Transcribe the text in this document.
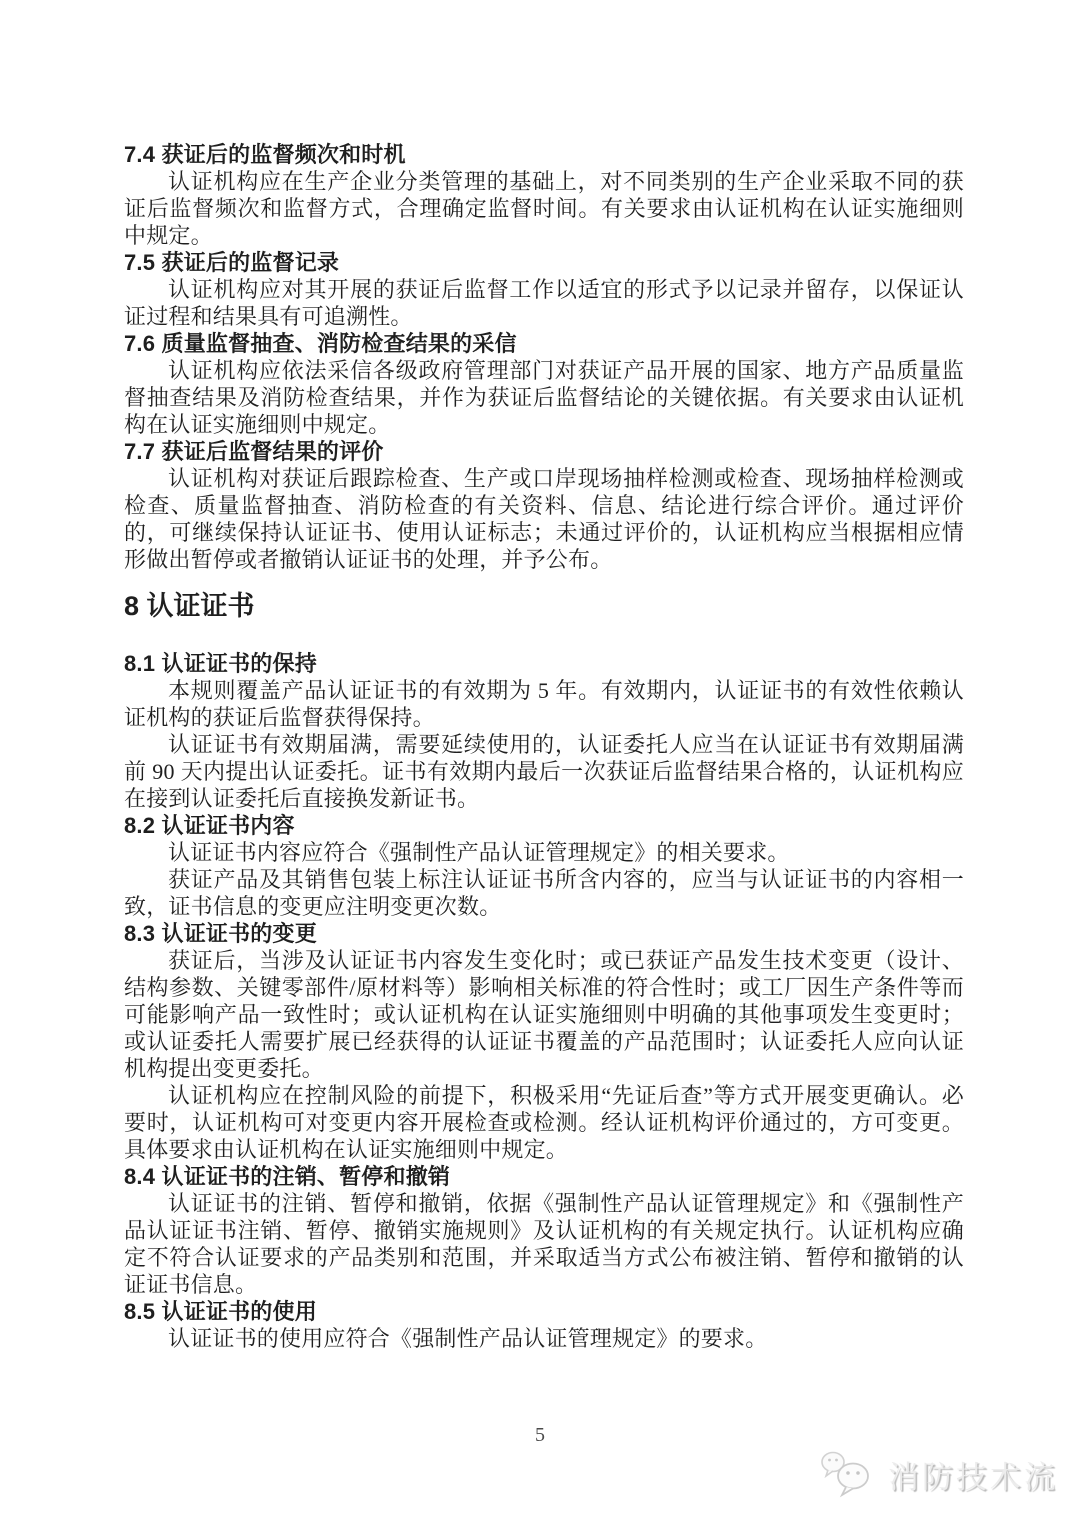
7.4 获证后的监督频次和时机

认证机构应在生产企业分类管理的基础上，对不同类别的生产企业采取不同的获证后监督频次和监督方式，合理确定监督时间。有关要求由认证机构在认证实施细则中规定。

7.5 获证后的监督记录

认证机构应对其开展的获证后监督工作以适宜的形式予以记录并留存，以保证认证过程和结果具有可追溯性。

7.6 质量监督抽查、消防检查结果的采信

认证机构应依法采信各级政府管理部门对获证产品开展的国家、地方产品质量监督抽查结果及消防检查结果，并作为获证后监督结论的关键依据。有关要求由认证机构在认证实施细则中规定。

7.7 获证后监督结果的评价

认证机构对获证后跟踪检查、生产或口岸现场抽样检测或检查、现场抽样检测或检查、质量监督抽查、消防检查的有关资料、信息、结论进行综合评价。通过评价的，可继续保持认证证书、使用认证标志；未通过评价的，认证机构应当根据相应情形做出暂停或者撤销认证证书的处理，并予公布。

8 认证证书
8.1 认证证书的保持

本规则覆盖产品认证证书的有效期为 5 年。有效期内，认证证书的有效性依赖认证机构的获证后监督获得保持。

认证证书有效期届满，需要延续使用的，认证委托人应当在认证证书有效期届满前 90 天内提出认证委托。证书有效期内最后一次获证后监督结果合格的，认证机构应在接到认证委托后直接换发新证书。

8.2 认证证书内容

认证证书内容应符合《强制性产品认证管理规定》的相关要求。

获证产品及其销售包装上标注认证证书所含内容的，应当与认证证书的内容相一致，证书信息的变更应注明变更次数。

8.3 认证证书的变更

获证后，当涉及认证证书内容发生变化时；或已获证产品发生技术变更（设计、结构参数、关键零部件/原材料等）影响相关标准的符合性时；或工厂因生产条件等而可能影响产品一致性时；或认证机构在认证实施细则中明确的其他事项发生变更时；或认证委托人需要扩展已经获得的认证证书覆盖的产品范围时；认证委托人应向认证机构提出变更委托。

认证机构应在控制风险的前提下，积极采用“先证后查”等方式开展变更确认。必要时，认证机构可对变更内容开展检查或检测。经认证机构评价通过的，方可变更。具体要求由认证机构在认证实施细则中规定。

8.4 认证证书的注销、暂停和撤销

认证证书的注销、暂停和撤销，依据《强制性产品认证管理规定》和《强制性产品认证证书注销、暂停、撤销实施规则》及认证机构的有关规定执行。认证机构应确定不符合认证要求的产品类别和范围，并采取适当方式公布被注销、暂停和撤销的认证证书信息。

8.5 认证证书的使用

认证证书的使用应符合《强制性产品认证管理规定》的要求。

5
消防技术流
